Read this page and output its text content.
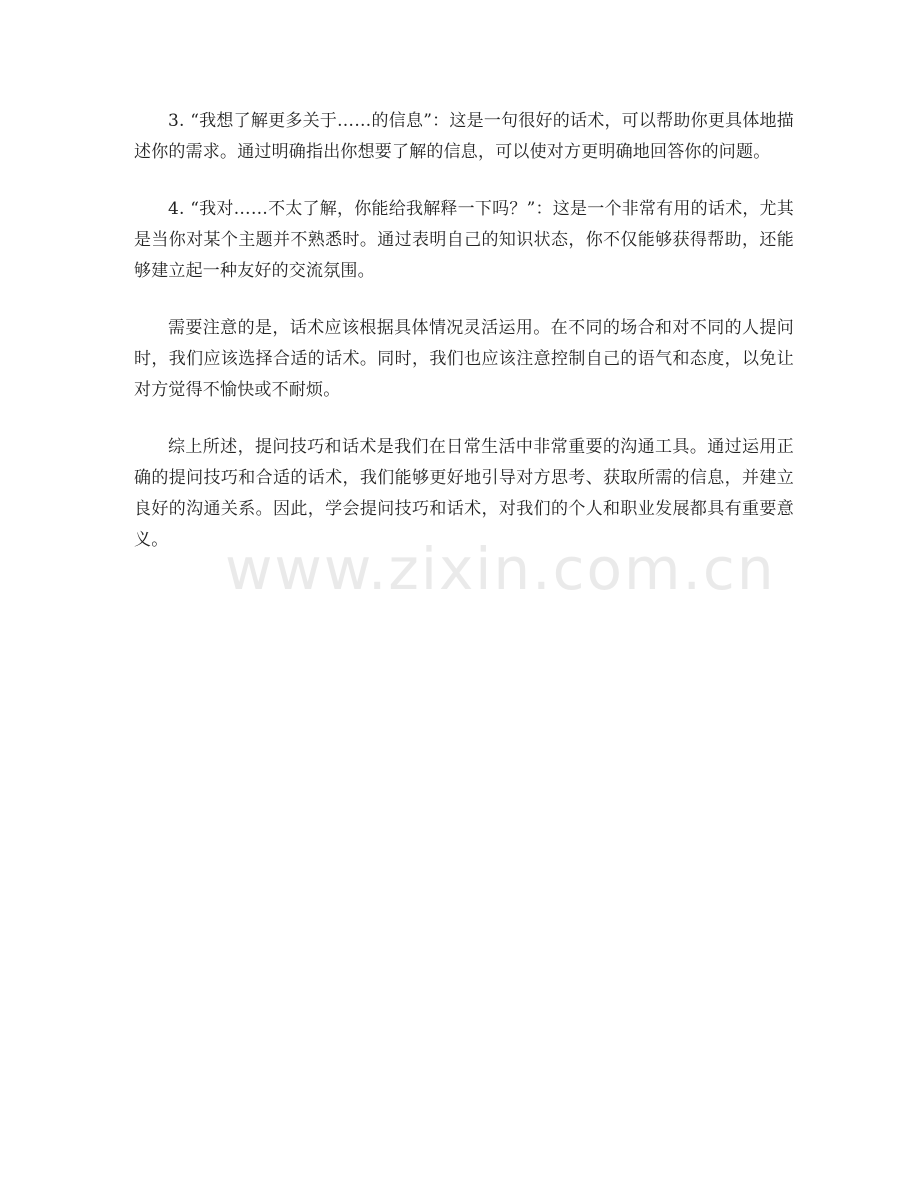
3. “我想了解更多关于……的信息”：这是一句很好的话术，可以帮助你更具体地描述你的需求。通过明确指出你想要了解的信息，可以使对方更明确地回答你的问题。

4. “我对……不太了解，你能给我解释一下吗？”：这是一个非常有用的话术，尤其是当你对某个主题并不熟悉时。通过表明自己的知识状态，你不仅能够获得帮助，还能够建立起一种友好的交流氛围。

需要注意的是，话术应该根据具体情况灵活运用。在不同的场合和对不同的人提问时，我们应该选择合适的话术。同时，我们也应该注意控制自己的语气和态度，以免让对方觉得不愉快或不耐烦。

综上所述，提问技巧和话术是我们在日常生活中非常重要的沟通工具。通过运用正确的提问技巧和合适的话术，我们能够更好地引导对方思考、获取所需的信息，并建立良好的沟通关系。因此，学会提问技巧和话术，对我们的个人和职业发展都具有重要意义。 www.zixin.com.cn
